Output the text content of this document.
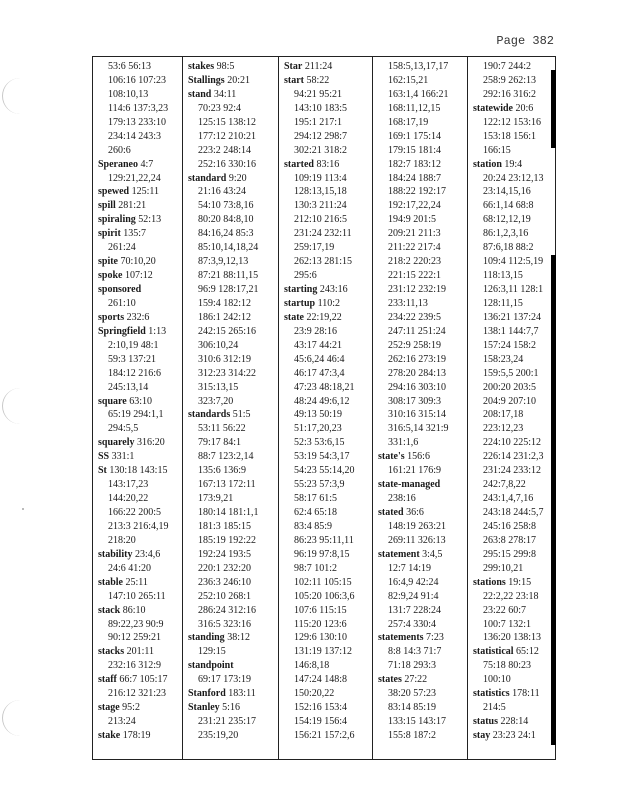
Page 382
53:6 56:13
106:16 107:23
108:10,13
114:6 137:3,23
179:13 233:10
234:14 243:3
260:6
Speraneo 4:7
129:21,22,24
spewed 125:11
spill 281:21
spiraling 52:13
spirit 135:7
261:24
spite 70:10,20
spoke 107:12
sponsored
261:10
sports 232:6
Springfield 1:13
2:10,19 48:1
59:3 137:21
184:12 216:6
245:13,14
square 63:10
65:19 294:1,1
294:5,5
squarely 316:20
SS 331:1
St 130:18 143:15
143:17,23
144:20,22
166:22 200:5
213:3 216:4,19
218:20
stability 23:4,6
24:6 41:20
stable 25:11
147:10 265:11
stack 86:10
89:22,23 90:9
90:12 259:21
stacks 201:11
232:16 312:9
staff 66:7 105:17
216:12 321:23
stage 95:2
213:24
stake 178:19
stakes 98:5
Stallings 20:21
stand 34:11
70:23 92:4
125:15 138:12
177:12 210:21
223:2 248:14
252:16 330:16
standard 9:20
21:16 43:24
54:10 73:8,16
80:20 84:8,10
84:16,24 85:3
85:10,14,18,24
87:3,9,12,13
87:21 88:11,15
96:9 128:17,21
159:4 182:12
186:1 242:12
242:15 265:16
306:10,24
310:6 312:19
312:23 314:22
315:13,15
323:7,20
standards 51:5
53:11 56:22
79:17 84:1
88:7 123:2,14
135:6 136:9
167:13 172:11
173:9,21
180:14 181:1,1
181:3 185:15
185:19 192:22
192:24 193:5
220:1 232:20
236:3 246:10
252:10 268:1
286:24 312:16
316:5 323:16
standing 38:12
129:15
standpoint
69:17 173:19
Stanford 183:11
Stanley 5:16
231:21 235:17
235:19,20
Star 211:24
start 58:22
94:21 95:21
143:10 183:5
195:1 217:1
294:12 298:7
302:21 318:2
started 83:16
109:19 113:4
128:13,15,18
130:3 211:24
212:10 216:5
231:24 232:11
259:17,19
262:13 281:15
295:6
starting 243:16
startup 110:2
state 22:19,22
23:9 28:16
43:17 44:21
45:6,24 46:4
46:17 47:3,4
47:23 48:18,21
48:24 49:6,12
49:13 50:19
51:17,20,23
52:3 53:6,15
53:19 54:3,17
54:23 55:14,20
55:23 57:3,9
58:17 61:5
62:4 65:18
83:4 85:9
86:23 95:11,11
96:19 97:8,15
98:7 101:2
102:11 105:15
105:20 106:3,6
107:6 115:15
115:20 123:6
129:6 130:10
131:19 137:12
146:8,18
147:24 148:8
150:20,22
152:16 153:4
154:19 156:4
156:21 157:2,6
158:5,13,17,17
162:15,21
163:1,4 166:21
168:11,12,15
168:17,19
169:1 175:14
179:15 181:4
182:7 183:12
184:24 188:7
188:22 192:17
192:17,22,24
194:9 201:5
209:21 211:3
211:22 217:4
218:2 220:23
221:15 222:1
231:12 232:19
233:11,13
234:22 239:5
247:11 251:24
252:9 258:19
262:16 273:19
278:20 284:13
294:16 303:10
308:17 309:3
310:16 315:14
316:5,14 321:9
331:1,6
state's 156:6
161:21 176:9
state-managed
238:16
stated 36:6
148:19 263:21
269:11 326:13
statement 3:4,5
12:7 14:19
16:4,9 42:24
82:9,24 91:4
131:7 228:24
257:4 330:4
statements 7:23
8:8 14:3 71:7
71:18 293:3
states 27:22
38:20 57:23
83:14 85:19
133:15 143:17
155:8 187:2
190:7 244:2
258:9 262:13
292:16 316:2
statewide 20:6
122:12 153:16
153:18 156:1
166:15
station 19:4
20:24 23:12,13
23:14,15,16
66:1,14 68:8
68:12,12,19
86:1,2,3,16
87:6,18 88:2
109:4 112:5,19
118:13,15
126:3,11 128:1
128:11,15
136:21 137:24
138:1 144:7,7
157:24 158:2
158:23,24
159:5,5 200:1
200:20 203:5
204:9 207:10
208:17,18
223:12,23
224:10 225:12
226:14 231:2,3
231:24 233:12
242:7,8,22
243:1,4,7,16
243:18 244:5,7
245:16 258:8
263:8 278:17
295:15 299:8
299:10,21
stations 19:15
22:2,22 23:18
23:22 60:7
100:7 132:1
136:20 138:13
statistical 65:12
75:18 80:23
100:10
statistics 178:11
214:5
status 228:14
stay 23:23 24:1
